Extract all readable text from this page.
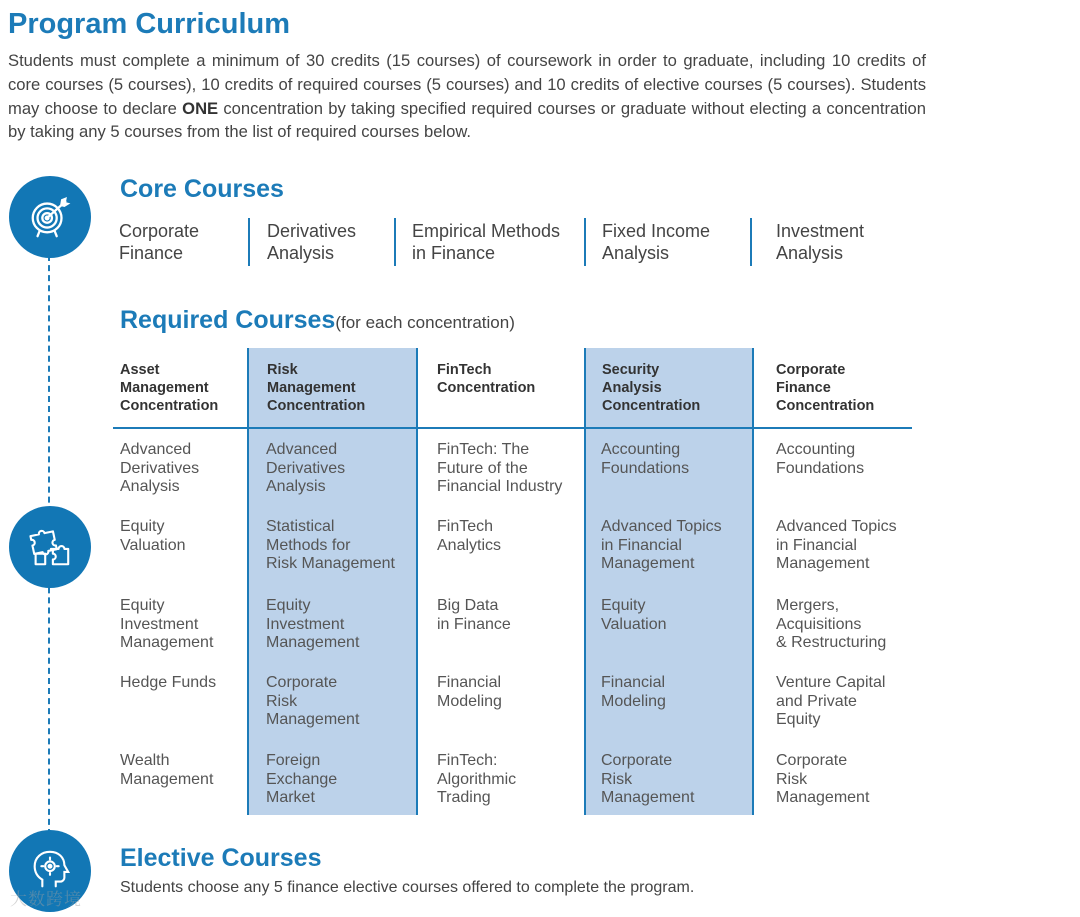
Program Curriculum

Students must complete a minimum of 30 credits (15 courses) of coursework in order to graduate, including 10 credits of core courses (5 courses), 10 credits of required courses (5 courses) and 10 credits of elective courses (5 courses). Students may choose to declare ONE concentration by taking specified required courses or graduate without electing a concentration by taking any 5 courses from the list of required courses below.

Core Courses
Corporate
Finance
Derivatives
Analysis
Empirical Methods
in Finance
Fixed Income
Analysis
Investment
Analysis
Required Courses(for each concentration)
Asset
Management
Concentration
Risk
Management
Concentration
FinTech
Concentration
Security
Analysis
Concentration
Corporate
Finance
Concentration
Advanced
Derivatives
Analysis
Equity
Valuation
Equity
Investment
Management
Hedge Funds
Wealth
Management
Advanced
Derivatives
Analysis
Statistical
Methods for
Risk Management
Equity
Investment
Management
Corporate
Risk
Management
Foreign
Exchange
Market
FinTech: The
Future of the
Financial Industry
FinTech
Analytics
Big Data
in Finance
Financial
Modeling
FinTech:
Algorithmic
Trading
Accounting
Foundations
Advanced Topics
in Financial
Management
Equity
Valuation
Financial
Modeling
Corporate
Risk
Management
Accounting
Foundations
Advanced Topics
in Financial
Management
Mergers,
Acquisitions
& Restructuring
Venture Capital
and Private
Equity
Corporate
Risk
Management
Elective Courses

Students choose any 5 finance elective courses offered to complete the program.

大数跨境
